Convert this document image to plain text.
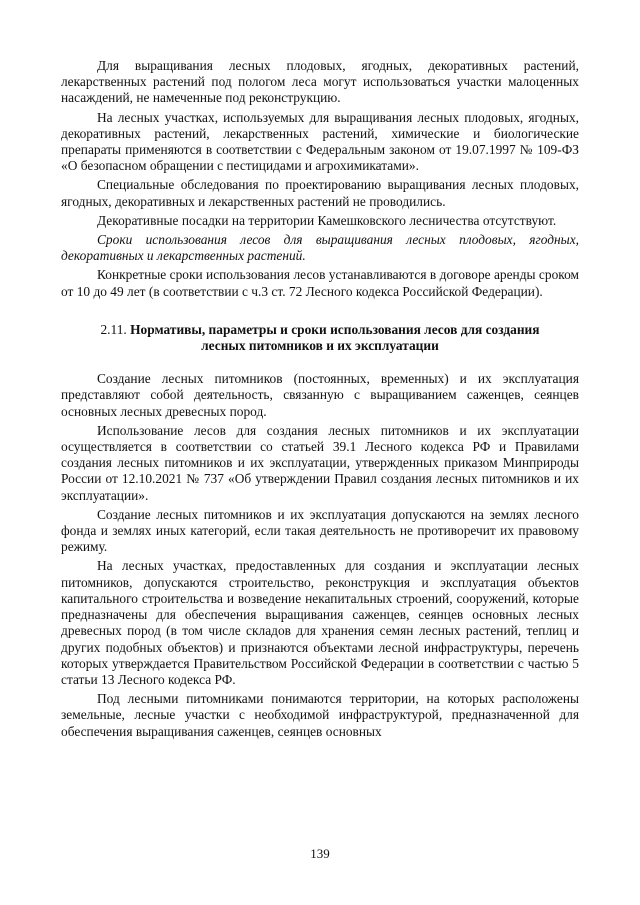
Для выращивания лесных плодовых, ягодных, декоративных растений, лекарственных растений под пологом леса могут использоваться участки малоценных насаждений, не намеченные под реконструкцию.

На лесных участках, используемых для выращивания лесных плодовых, ягодных, декоративных растений, лекарственных растений, химические и биологические препараты применяются в соответствии с Федеральным законом от 19.07.1997 № 109-ФЗ «О безопасном обращении с пестицидами и агрохимикатами».

Специальные обследования по проектированию выращивания лесных плодовых, ягодных, декоративных и лекарственных растений не проводились.

Декоративные посадки на территории Камешковского лесничества отсутствуют.

Сроки использования лесов для выращивания лесных плодовых, ягодных, декоративных и лекарственных растений.

Конкретные сроки использования лесов устанавливаются в договоре аренды сроком от 10 до 49 лет (в соответствии с ч.3 ст. 72 Лесного кодекса Российской Федерации).

2.11. Нормативы, параметры и сроки использования лесов для создания
лесных питомников и их эксплуатации

Создание лесных питомников (постоянных, временных) и их эксплуатация представляют собой деятельность, связанную с выращиванием саженцев, сеянцев основных лесных древесных пород.

Использование лесов для создания лесных питомников и их эксплуатации осуществляется в соответствии со статьей 39.1 Лесного кодекса РФ и Правилами создания лесных питомников и их эксплуатации, утвержденных приказом Минприроды России от 12.10.2021 № 737 «Об утверждении Правил создания лесных питомников и их эксплуатации».

Создание лесных питомников и их эксплуатация допускаются на землях лесного фонда и землях иных категорий, если такая деятельность не противоречит их правовому режиму.

На лесных участках, предоставленных для создания и эксплуатации лесных питомников, допускаются строительство, реконструкция и эксплуатация объектов капитального строительства и возведение некапитальных строений, сооружений, которые предназначены для обеспечения выращивания саженцев, сеянцев основных лесных древесных пород (в том числе складов для хранения семян лесных растений, теплиц и других подобных объектов) и признаются объектами лесной инфраструктуры, перечень которых утверждается Правительством Российской Федерации в соответствии с частью 5 статьи 13 Лесного кодекса РФ.

Под лесными питомниками понимаются территории, на которых расположены земельные, лесные участки с необходимой инфраструктурой, предназначенной для обеспечения выращивания саженцев, сеянцев основных

139
